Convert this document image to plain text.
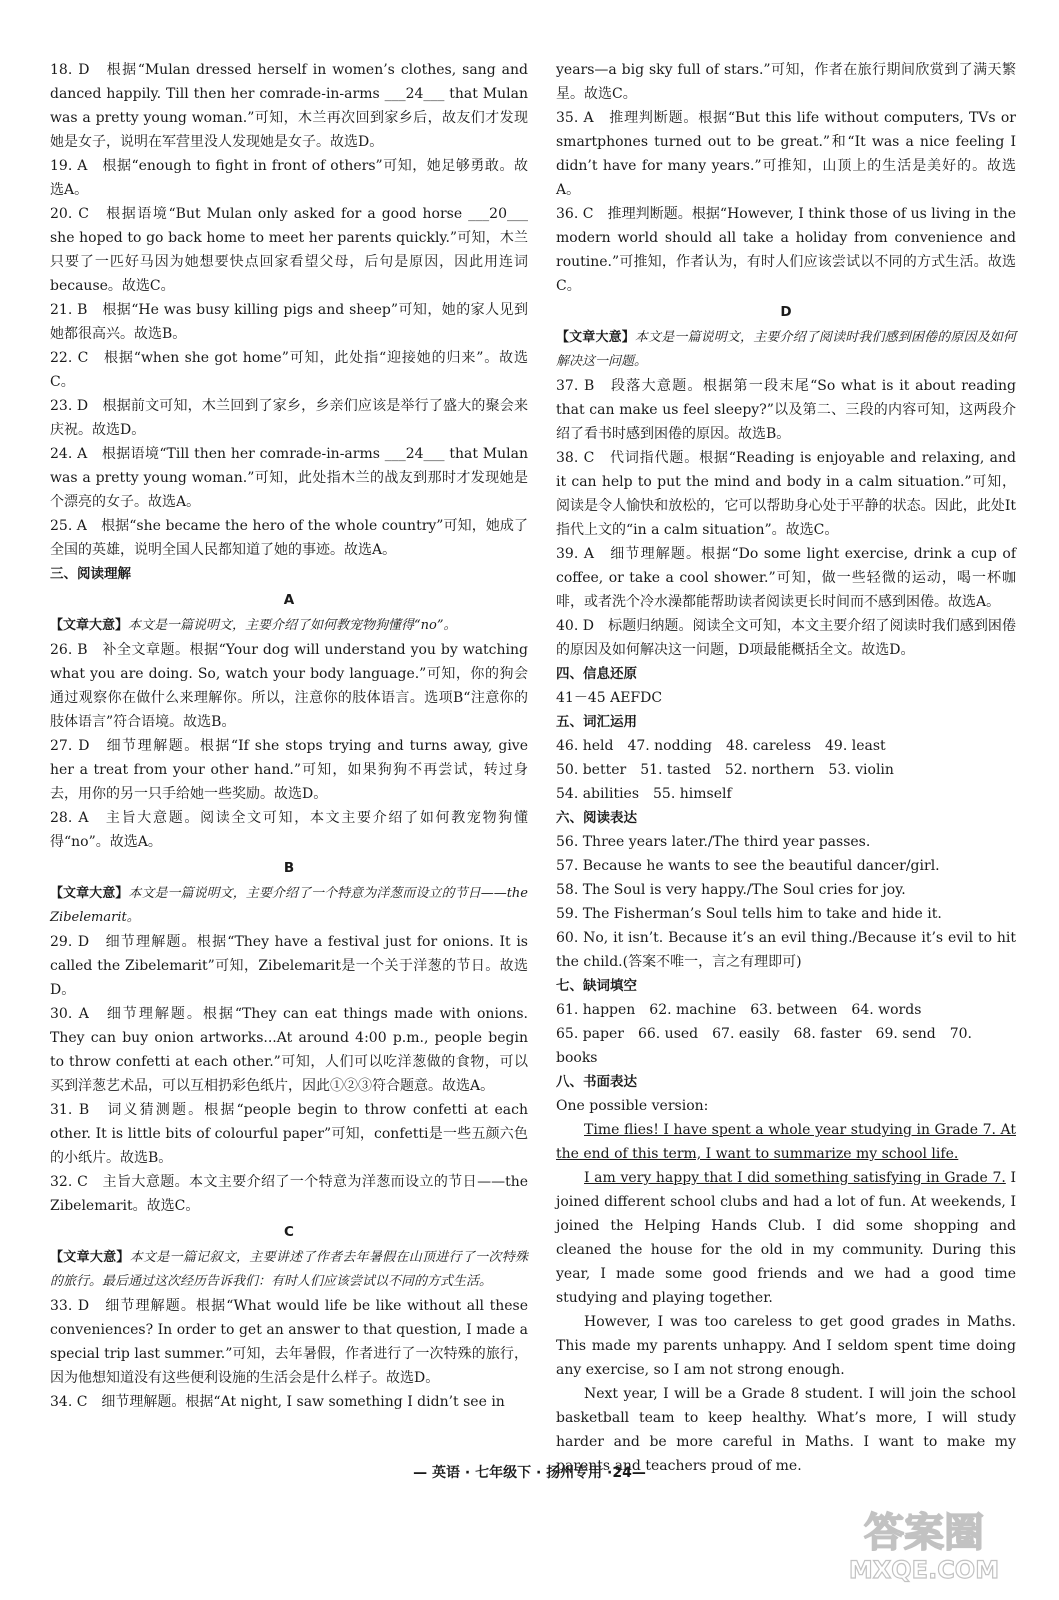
18. D　根据“Mulan dressed herself in women’s clothes, sang and danced happily. Till then her comrade-in-arms ___24___ that Mulan was a pretty young woman.”可知，木兰再次回到家乡后，故友们才发现她是女子，说明在军营里没人发现她是女子。故选D。

19. A　根据“enough to fight in front of others”可知，她足够勇敢。故选A。

20. C　根据语境“But Mulan only asked for a good horse ___20___ she hoped to go back home to meet her parents quickly.”可知，木兰只要了一匹好马因为她想要快点回家看望父母，后句是原因，因此用连词because。故选C。

21. B　根据“He was busy killing pigs and sheep”可知，她的家人见到她都很高兴。故选B。

22. C　根据“when she got home”可知，此处指“迎接她的归来”。故选C。

23. D　根据前文可知，木兰回到了家乡，乡亲们应该是举行了盛大的聚会来庆祝。故选D。

24. A　根据语境“Till then her comrade-in-arms ___24___ that Mulan was a pretty young woman.”可知，此处指木兰的战友到那时才发现她是个漂亮的女子。故选A。

25. A　根据“she became the hero of the whole country”可知，她成了全国的英雄，说明全国人民都知道了她的事迹。故选A。

三、阅读理解

A

【文章大意】本文是一篇说明文，主要介绍了如何教宠物狗懂得“no”。

26. B　补全文章题。根据“Your dog will understand you by watching what you are doing. So, watch your body language.”可知，你的狗会通过观察你在做什么来理解你。所以，注意你的肢体语言。选项B“注意你的肢体语言”符合语境。故选B。

27. D　细节理解题。根据“If she stops trying and turns away, give her a treat from your other hand.”可知，如果狗狗不再尝试，转过身去，用你的另一只手给她一些奖励。故选D。

28. A　主旨大意题。阅读全文可知，本文主要介绍了如何教宠物狗懂得“no”。故选A。

B

【文章大意】本文是一篇说明文，主要介绍了一个特意为洋葱而设立的节日——the Zibelemarit。

29. D　细节理解题。根据“They have a festival just for onions. It is called the Zibelemarit”可知，Zibelemarit是一个关于洋葱的节日。故选D。

30. A　细节理解题。根据“They can eat things made with onions. They can buy onion artworks...At around 4:00 p.m., people begin to throw confetti at each other.”可知，人们可以吃洋葱做的食物，可以买到洋葱艺术品，可以互相扔彩色纸片，因此①②③符合题意。故选A。

31. B　词义猜测题。根据“people begin to throw confetti at each other. It is little bits of colourful paper”可知，confetti是一些五颜六色的小纸片。故选B。

32. C　主旨大意题。本文主要介绍了一个特意为洋葱而设立的节日——the Zibelemarit。故选C。

C

【文章大意】本文是一篇记叙文，主要讲述了作者去年暑假在山顶进行了一次特殊的旅行。最后通过这次经历告诉我们：有时人们应该尝试以不同的方式生活。

33. D　细节理解题。根据“What would life be like without all these conveniences? In order to get an answer to that question, I made a special trip last summer.”可知，去年暑假，作者进行了一次特殊的旅行，因为他想知道没有这些便利设施的生活会是什么样子。故选D。

34. C　细节理解题。根据“At night, I saw something I didn’t see in

years—a big sky full of stars.”可知，作者在旅行期间欣赏到了满天繁星。故选C。

35. A　推理判断题。根据“But this life without computers, TVs or smartphones turned out to be great.”和“It was a nice feeling I didn’t have for many years.”可推知，山顶上的生活是美好的。故选A。

36. C　推理判断题。根据“However, I think those of us living in the modern world should all take a holiday from convenience and routine.”可推知，作者认为，有时人们应该尝试以不同的方式生活。故选C。

D

【文章大意】本文是一篇说明文，主要介绍了阅读时我们感到困倦的原因及如何解决这一问题。

37. B　段落大意题。根据第一段末尾“So what is it about reading that can make us feel sleepy?”以及第二、三段的内容可知，这两段介绍了看书时感到困倦的原因。故选B。

38. C　代词指代题。根据“Reading is enjoyable and relaxing, and it can help to put the mind and body in a calm situation.”可知，阅读是令人愉快和放松的，它可以帮助身心处于平静的状态。因此，此处It指代上文的“in a calm situation”。故选C。

39. A　细节理解题。根据“Do some light exercise, drink a cup of coffee, or take a cool shower.”可知，做一些轻微的运动，喝一杯咖啡，或者洗个冷水澡都能帮助读者阅读更长时间而不感到困倦。故选A。

40. D　标题归纳题。阅读全文可知，本文主要介绍了阅读时我们感到困倦的原因及如何解决这一问题，D项最能概括全文。故选D。

四、信息还原

41－45 AEFDC

五、词汇运用

46. held　47. nodding　48. careless　49. least

50. better　51. tasted　52. northern　53. violin

54. abilities　55. himself

六、阅读表达

56. Three years later./The third year passes.

57. Because he wants to see the beautiful dancer/girl.

58. The Soul is very happy./The Soul cries for joy.

59. The Fisherman’s Soul tells him to take and hide it.

60. No, it isn’t. Because it’s an evil thing./Because it’s evil to hit the child.(答案不唯一，言之有理即可)

七、缺词填空

61. happen　62. machine　63. between　64. words

65. paper　66. used　67. easily　68. faster　69. send　70. books

八、书面表达

One possible version:

Time flies! I have spent a whole year studying in Grade 7. At the end of this term, I want to summarize my school life.

I am very happy that I did something satisfying in Grade 7. I joined different school clubs and had a lot of fun. At weekends, I joined the Helping Hands Club. I did some shopping and cleaned the house for the old in my community. During this year, I made some good friends and we had a good time studying and playing together.

However, I was too careless to get good grades in Maths. This made my parents unhappy. And I seldom spent time doing any exercise, so I am not strong enough.

Next year, I will be a Grade 8 student. I will join the school basketball team to keep healthy. What’s more, I will study harder and be more careful in Maths. I want to make my parents and teachers proud of me.

— 英语 · 七年级下 · 扬州专用 ·24—
答案圈
MXQE.COM
